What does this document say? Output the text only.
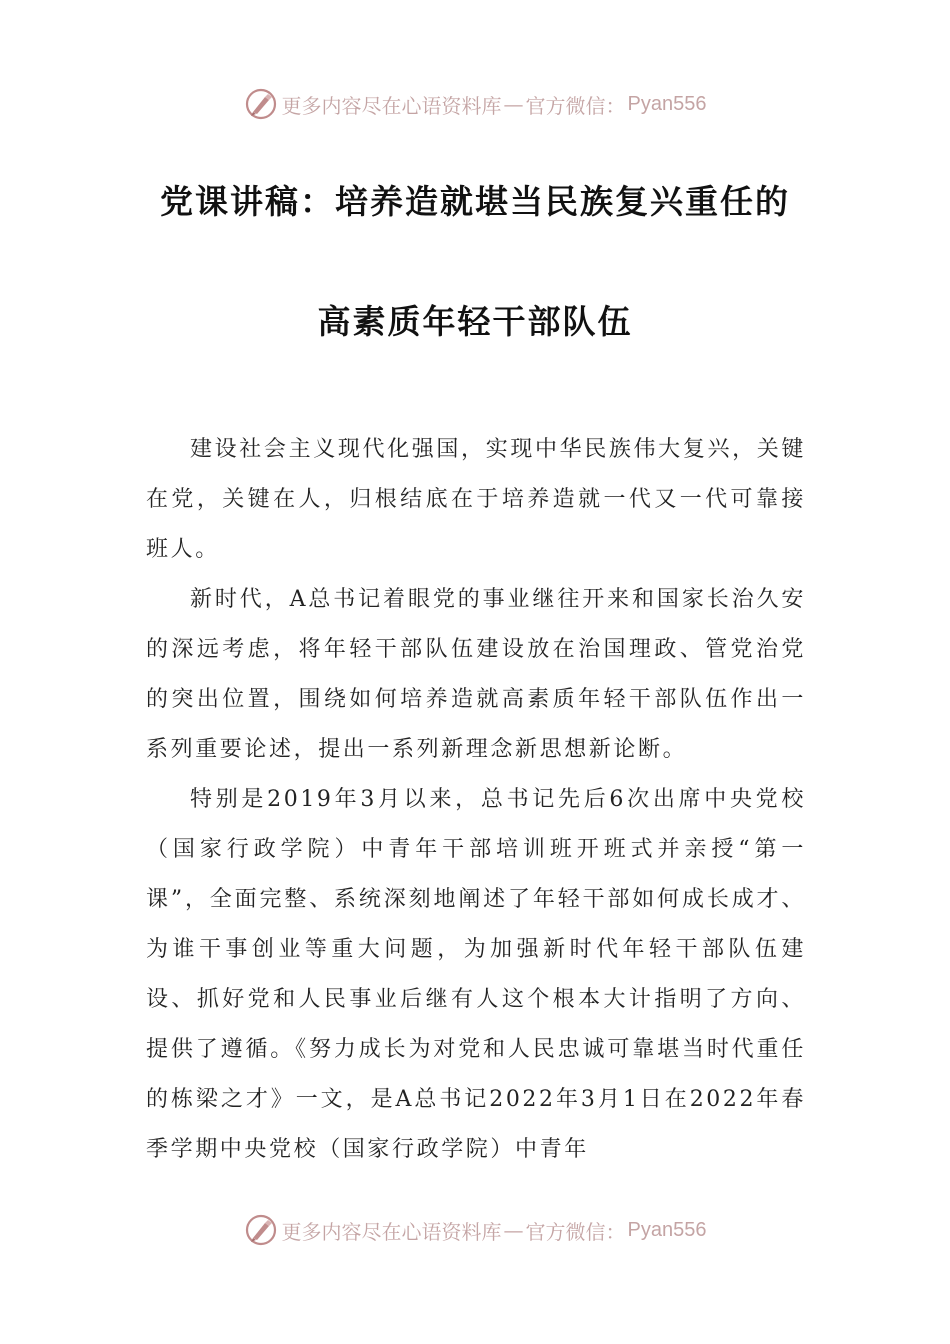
更多内容尽在心语资料库 — 官方微信： Pyan556
党课讲稿：培养造就堪当民族复兴重任的
高素质年轻干部队伍

建设社会主义现代化强国，实现中华民族伟大复兴，关键在党，关键在人，归根结底在于培养造就一代又一代可靠接班人。

新时代，A总书记着眼党的事业继往开来和国家长治久安的深远考虑，将年轻干部队伍建设放在治国理政、管党治党的突出位置，围绕如何培养造就高素质年轻干部队伍作出一系列重要论述，提出一系列新理念新思想新论断。

特别是2019年3月以来，总书记先后6次出席中央党校（国家行政学院）中青年干部培训班开班式并亲授“第一课”，全面完整、系统深刻地阐述了年轻干部如何成长成才、为谁干事创业等重大问题，为加强新时代年轻干部队伍建设、抓好党和人民事业后继有人这个根本大计指明了方向、提供了遵循。《努力成长为对党和人民忠诚可靠堪当时代重任的栋梁之才》一文，是A总书记2022年3月1日在2022年春季学期中央党校（国家行政学院）中青年

更多内容尽在心语资料库 — 官方微信： Pyan556
